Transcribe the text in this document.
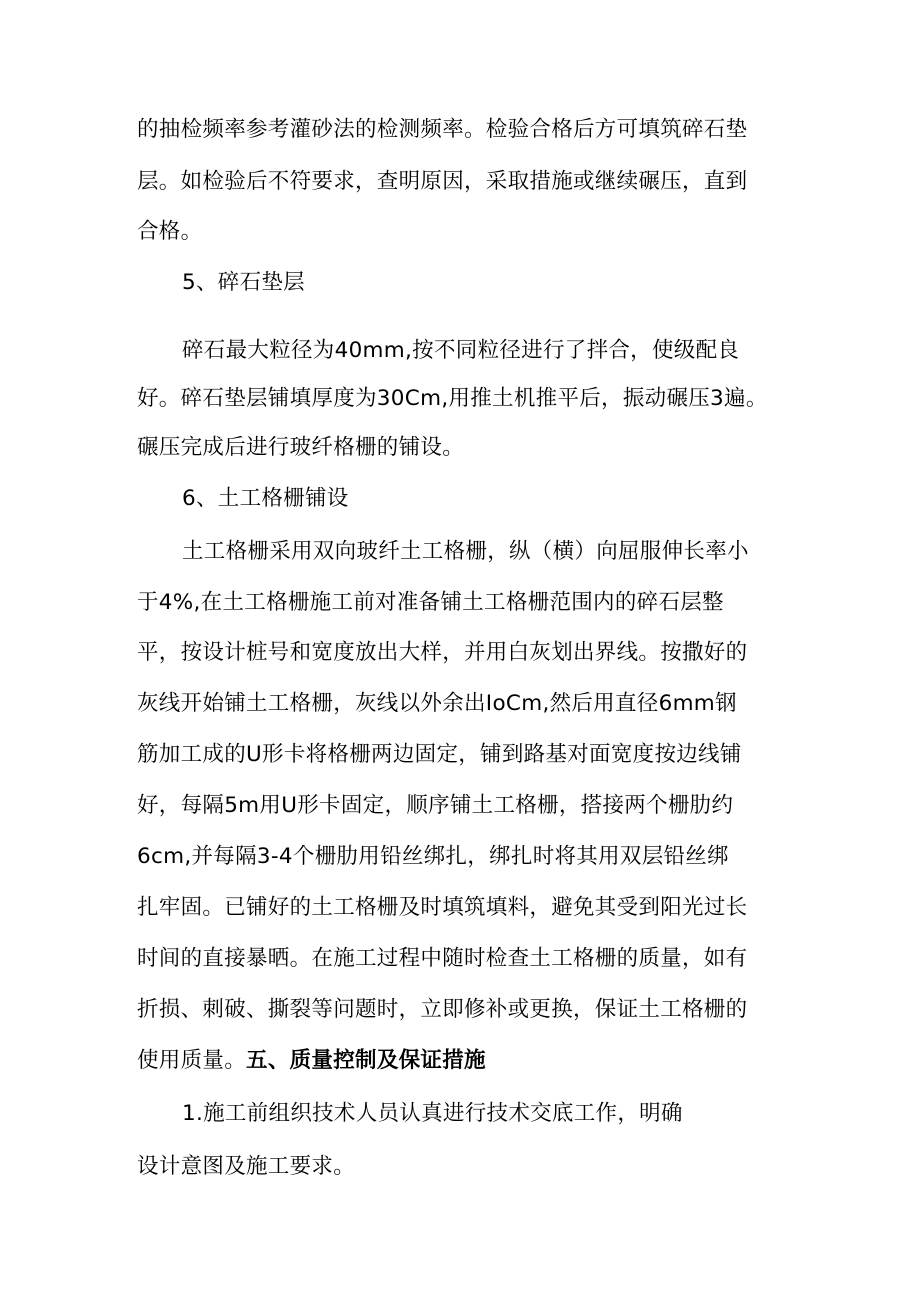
的抽检频率参考灌砂法的检测频率。检验合格后方可填筑碎石垫
层。如检验后不符要求，查明原因，采取措施或继续碾压，直到
合格。
5、碎石垫层
碎石最大粒径为40mm,按不同粒径进行了拌合，使级配良
好。碎石垫层铺填厚度为30Cm,用推土机推平后，振动碾压3遍。
碾压完成后进行玻纤格栅的铺设。
6、土工格栅铺设
土工格栅采用双向玻纤土工格栅，纵（横）向屈服伸长率小
于4%,在土工格栅施工前对准备铺土工格栅范围内的碎石层整
平，按设计桩号和宽度放出大样，并用白灰划出界线。按撒好的
灰线开始铺土工格栅，灰线以外余出IoCm,然后用直径6mm钢
筋加工成的U形卡将格栅两边固定，铺到路基对面宽度按边线铺
好，每隔5m用U形卡固定，顺序铺土工格栅，搭接两个栅肋约
6cm,并每隔3-4个栅肋用铅丝绑扎，绑扎时将其用双层铅丝绑
扎牢固。已铺好的土工格栅及时填筑填料，避免其受到阳光过长
时间的直接暴晒。在施工过程中随时检查土工格栅的质量，如有
折损、刺破、撕裂等问题时，立即修补或更换，保证土工格栅的
使用质量。五、质量控制及保证措施
1.施工前组织技术人员认真进行技术交底工作，明确
设计意图及施工要求。
